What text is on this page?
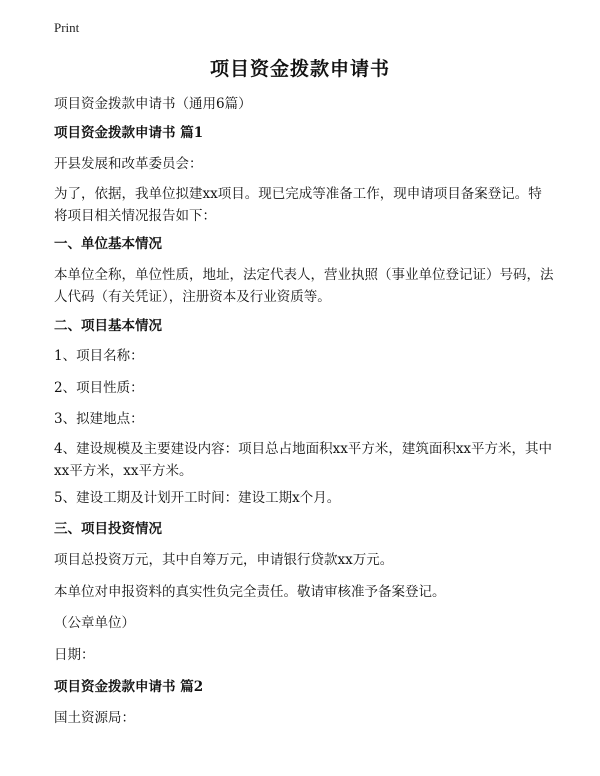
Print
项目资金拨款申请书
项目资金拨款申请书（通用6篇）
项目资金拨款申请书 篇1
开县发展和改革委员会：
为了，依据，我单位拟建xx项目。现已完成等准备工作，现申请项目备案登记。特将项目相关情况报告如下：
一、单位基本情况
本单位全称，单位性质，地址，法定代表人，营业执照（事业单位登记证）号码，法人代码（有关凭证），注册资本及行业资质等。
二、项目基本情况
1、项目名称：
2、项目性质：
3、拟建地点：
4、建设规模及主要建设内容：项目总占地面积xx平方米，建筑面积xx平方米，其中xx平方米，xx平方米。
5、建设工期及计划开工时间：建设工期x个月。
三、项目投资情况
项目总投资万元，其中自筹万元，申请银行贷款xx万元。
本单位对申报资料的真实性负完全责任。敬请审核准予备案登记。
（公章单位）
日期：
项目资金拨款申请书 篇2
国土资源局：
